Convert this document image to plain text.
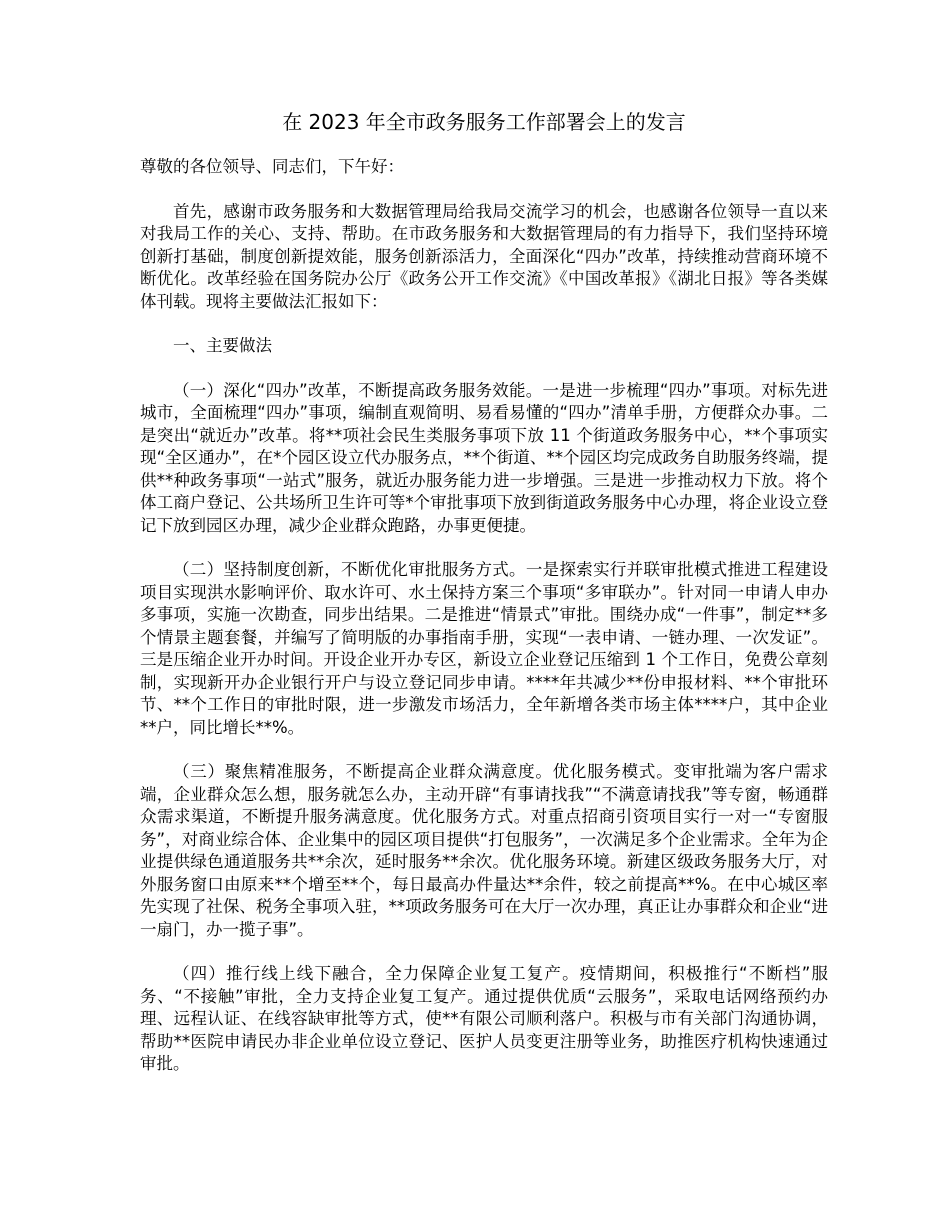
在 2023 年全市政务服务工作部署会上的发言

尊敬的各位领导、同志们，下午好：

首先，感谢市政务服务和大数据管理局给我局交流学习的机会，也感谢各位领导一直以来对我局工作的关心、支持、帮助。在市政务服务和大数据管理局的有力指导下，我们坚持环境创新打基础，制度创新提效能，服务创新添活力，全面深化“四办”改革，持续推动营商环境不断优化。改革经验在国务院办公厅《政务公开工作交流》《中国改革报》《湖北日报》等各类媒体刊载。现将主要做法汇报如下：

一、主要做法

（一）深化“四办”改革，不断提高政务服务效能。一是进一步梳理“四办”事项。对标先进城市，全面梳理“四办”事项，编制直观简明、易看易懂的“四办”清单手册，方便群众办事。二是突出“就近办”改革。将**项社会民生类服务事项下放 11 个街道政务服务中心，**个事项实现“全区通办”，在*个园区设立代办服务点，**个街道、**个园区均完成政务自助服务终端，提供**种政务事项“一站式”服务，就近办服务能力进一步增强。三是进一步推动权力下放。将个体工商户登记、公共场所卫生许可等*个审批事项下放到街道政务服务中心办理，将企业设立登记下放到园区办理，减少企业群众跑路，办事更便捷。

（二）坚持制度创新，不断优化审批服务方式。一是探索实行并联审批模式推进工程建设项目实现洪水影响评价、取水许可、水土保持方案三个事项“多审联办”。针对同一申请人申办多事项，实施一次勘查，同步出结果。二是推进“情景式”审批。围绕办成“一件事”，制定**多个情景主题套餐，并编写了简明版的办事指南手册，实现“一表申请、一链办理、一次发证”。三是压缩企业开办时间。开设企业开办专区，新设立企业登记压缩到 1 个工作日，免费公章刻制，实现新开办企业银行开户与设立登记同步申请。****年共减少**份申报材料、**个审批环节、**个工作日的审批时限，进一步激发市场活力，全年新增各类市场主体****户，其中企业**户，同比增长**%。

（三）聚焦精准服务，不断提高企业群众满意度。优化服务模式。变审批端为客户需求端，企业群众怎么想，服务就怎么办，主动开辟“有事请找我”“不满意请找我”等专窗，畅通群众需求渠道，不断提升服务满意度。优化服务方式。对重点招商引资项目实行一对一“专窗服务”，对商业综合体、企业集中的园区项目提供“打包服务”，一次满足多个企业需求。全年为企业提供绿色通道服务共**余次，延时服务**余次。优化服务环境。新建区级政务服务大厅，对外服务窗口由原来**个增至**个，每日最高办件量达**余件，较之前提高**%。在中心城区率先实现了社保、税务全事项入驻，**项政务服务可在大厅一次办理，真正让办事群众和企业“进一扇门，办一揽子事”。

（四）推行线上线下融合，全力保障企业复工复产。疫情期间，积极推行“不断档”服务、“不接触”审批，全力支持企业复工复产。通过提供优质“云服务”，采取电话网络预约办理、远程认证、在线容缺审批等方式，使**有限公司顺利落户。积极与市有关部门沟通协调，帮助**医院申请民办非企业单位设立登记、医护人员变更注册等业务，助推医疗机构快速通过审批。
